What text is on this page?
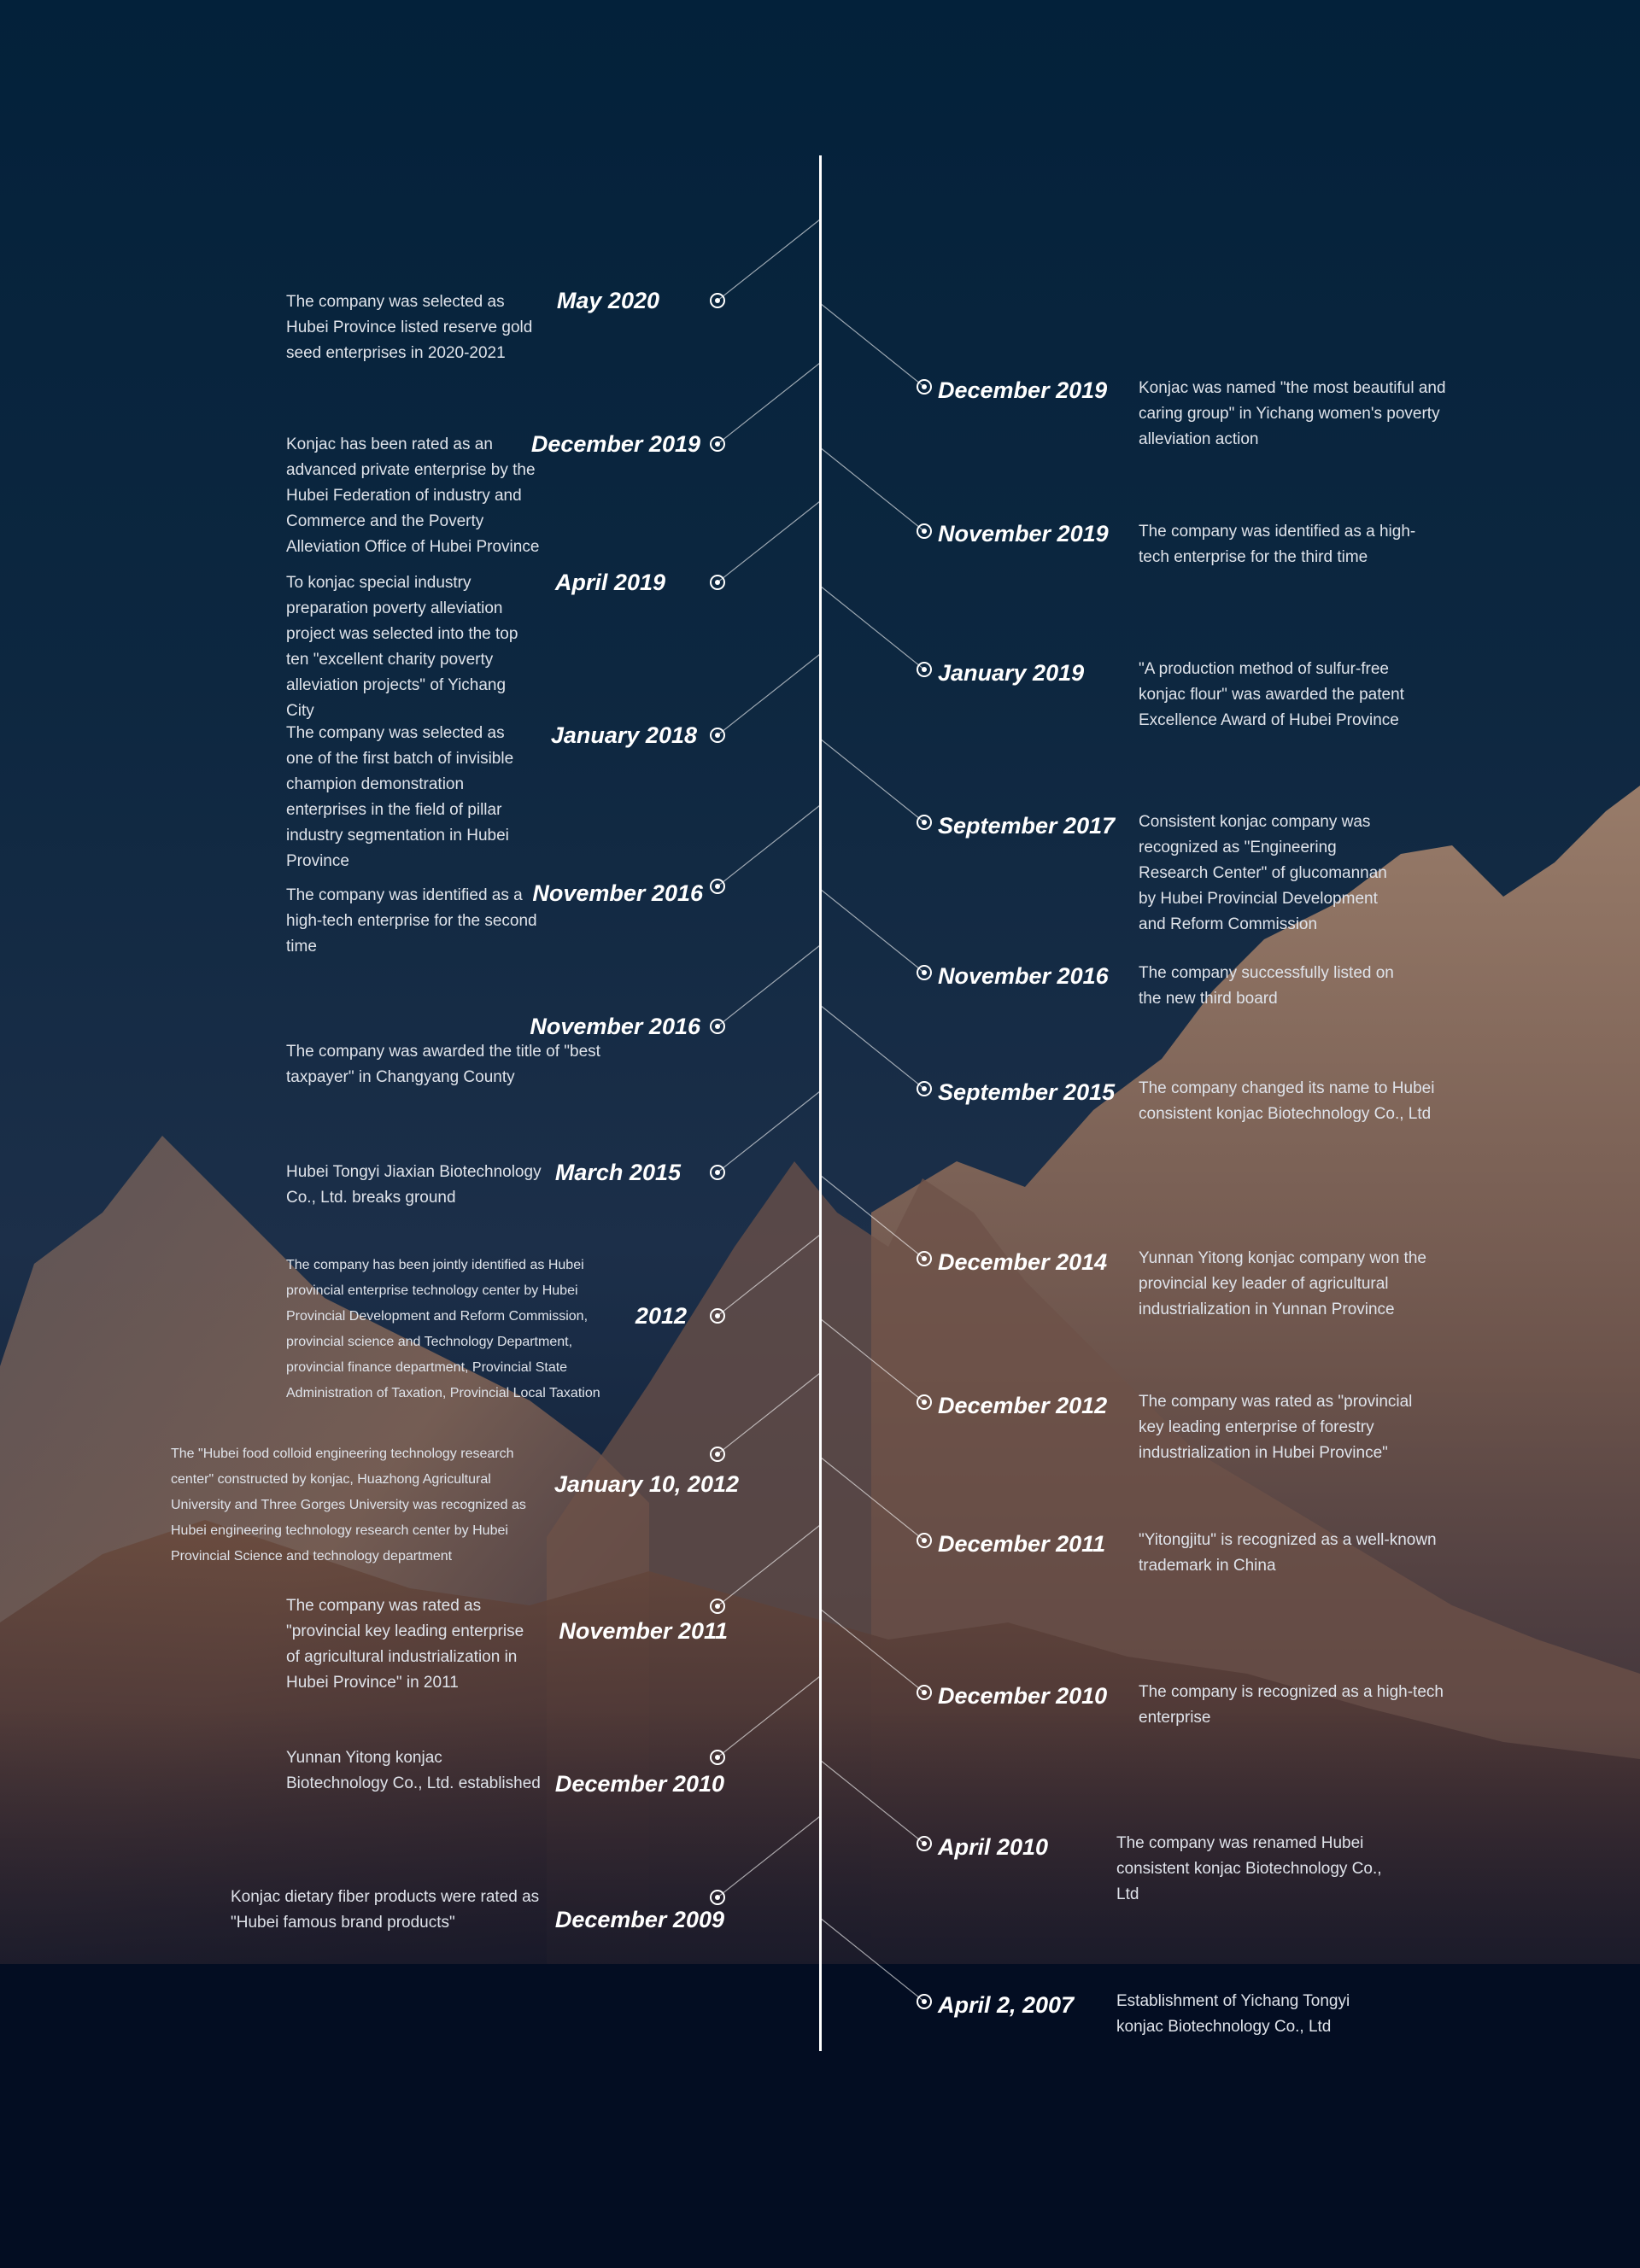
May 2020
The company was selected as Hubei Province listed reserve gold seed enterprises in 2020-2021
December 2019
Konjac has been rated as an advanced private enterprise by the Hubei Federation of industry and Commerce and the Poverty Alleviation Office of Hubei Province
April 2019
To konjac special industry preparation poverty alleviation project was selected into the top ten "excellent charity poverty alleviation projects" of Yichang City
January 2018
The company was selected as one of the first batch of invisible champion demonstration enterprises in the field of pillar industry segmentation in Hubei Province
November 2016
The company was identified as a high-tech enterprise for the second time
November 2016
The company was awarded the title of "best taxpayer" in Changyang County
March 2015
Hubei Tongyi Jiaxian Biotechnology Co., Ltd. breaks ground
2012
The company has been jointly identified as Hubei provincial enterprise technology center by Hubei Provincial Development and Reform Commission, provincial science and Technology Department, provincial finance department, Provincial State Administration of Taxation, Provincial Local Taxation
January 10, 2012
The "Hubei food colloid engineering technology research center" constructed by konjac, Huazhong Agricultural University and Three Gorges University was recognized as Hubei engineering technology research center by Hubei Provincial Science and technology department
November 2011
The company was rated as "provincial key leading enterprise of agricultural industrialization in Hubei Province" in 2011
December 2010
Yunnan Yitong konjac Biotechnology Co., Ltd. established
December 2009
Konjac dietary fiber products were rated as "Hubei famous brand products"
December 2019 Konjac was named "the most beautiful and caring group" in Yichang women's poverty alleviation action
November 2019 The company was identified as a high-tech enterprise for the third time
January 2019	"A production method of sulfur-free konjac flour" was awarded the patent Excellence Award of Hubei Province
September 2017 Consistent konjac company was recognized as "Engineering Research Center" of glucomannan by Hubei Provincial Development and Reform Commission
November 2016 The company successfully listed on the new third board
September 2015 The company changed its name to Hubei consistent konjac Biotechnology Co., Ltd
December 2014 Yunnan Yitong konjac company won the provincial key leader of agricultural industrialization in Yunnan Province
December 2012 The company was rated as "provincial key leading enterprise of forestry industrialization in Hubei Province"
December 2011 "Yitongjitu" is recognized as a well-known trademark in China
December 2010 The company is recognized as a high-tech enterprise
April 2010	The company was renamed Hubei consistent konjac Biotechnology Co., Ltd
April 2, 2007	Establishment of Yichang Tongyi konjac Biotechnology Co., Ltd
